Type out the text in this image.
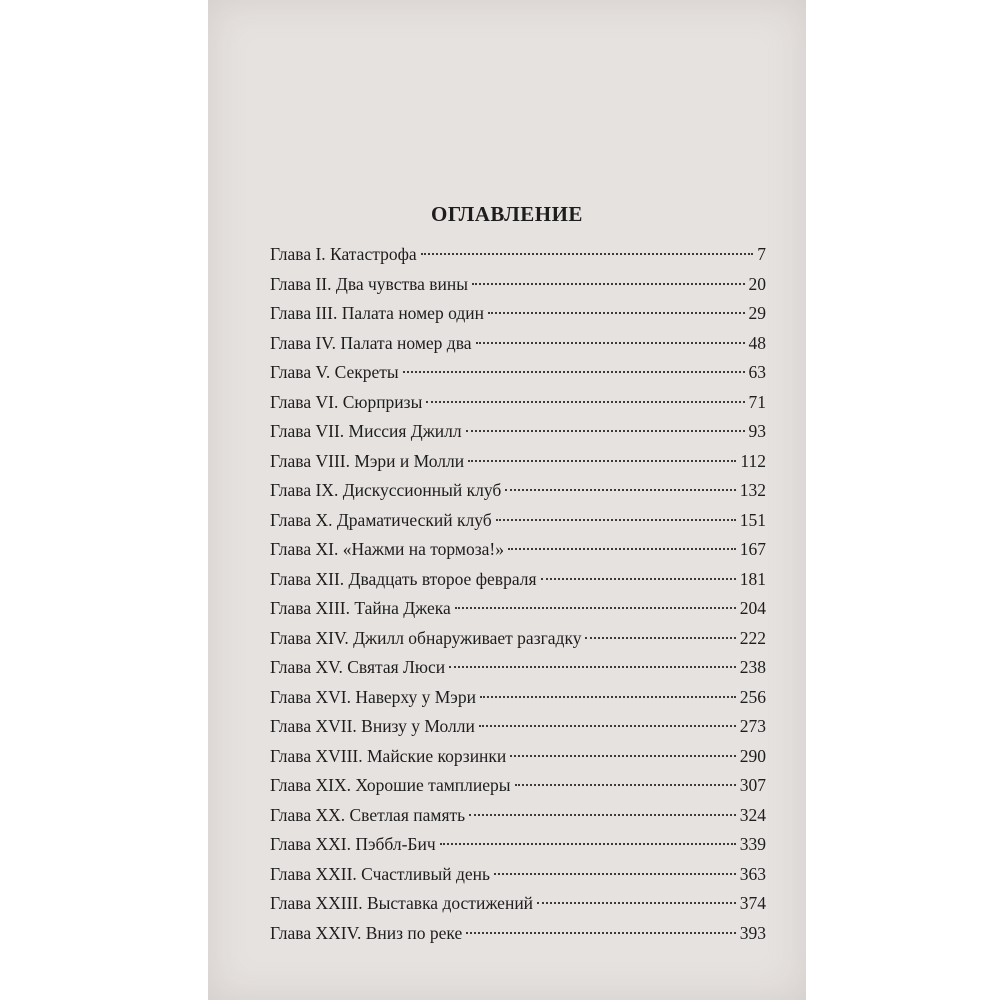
ОГЛАВЛЕНИЕ
Глава I. Катастрофа	7
Глава II. Два чувства вины	20
Глава III. Палата номер один	29
Глава IV. Палата номер два	48
Глава V. Секреты	63
Глава VI. Сюрпризы	71
Глава VII. Миссия Джилл	93
Глава VIII. Мэри и Молли	112
Глава IX. Дискуссионный клуб	132
Глава X. Драматический клуб	151
Глава XI. «Нажми на тормоза!»	167
Глава XII. Двадцать второе февраля	181
Глава XIII. Тайна Джека	204
Глава XIV. Джилл обнаруживает разгадку	222
Глава XV. Святая Люси	238
Глава XVI. Наверху у Мэри	256
Глава XVII. Внизу у Молли	273
Глава XVIII. Майские корзинки	290
Глава XIX. Хорошие тамплиеры	307
Глава XX. Светлая память	324
Глава XXI. Пэббл-Бич	339
Глава XXII. Счастливый день	363
Глава XXIII. Выставка достижений	374
Глава XXIV. Вниз по реке	393
